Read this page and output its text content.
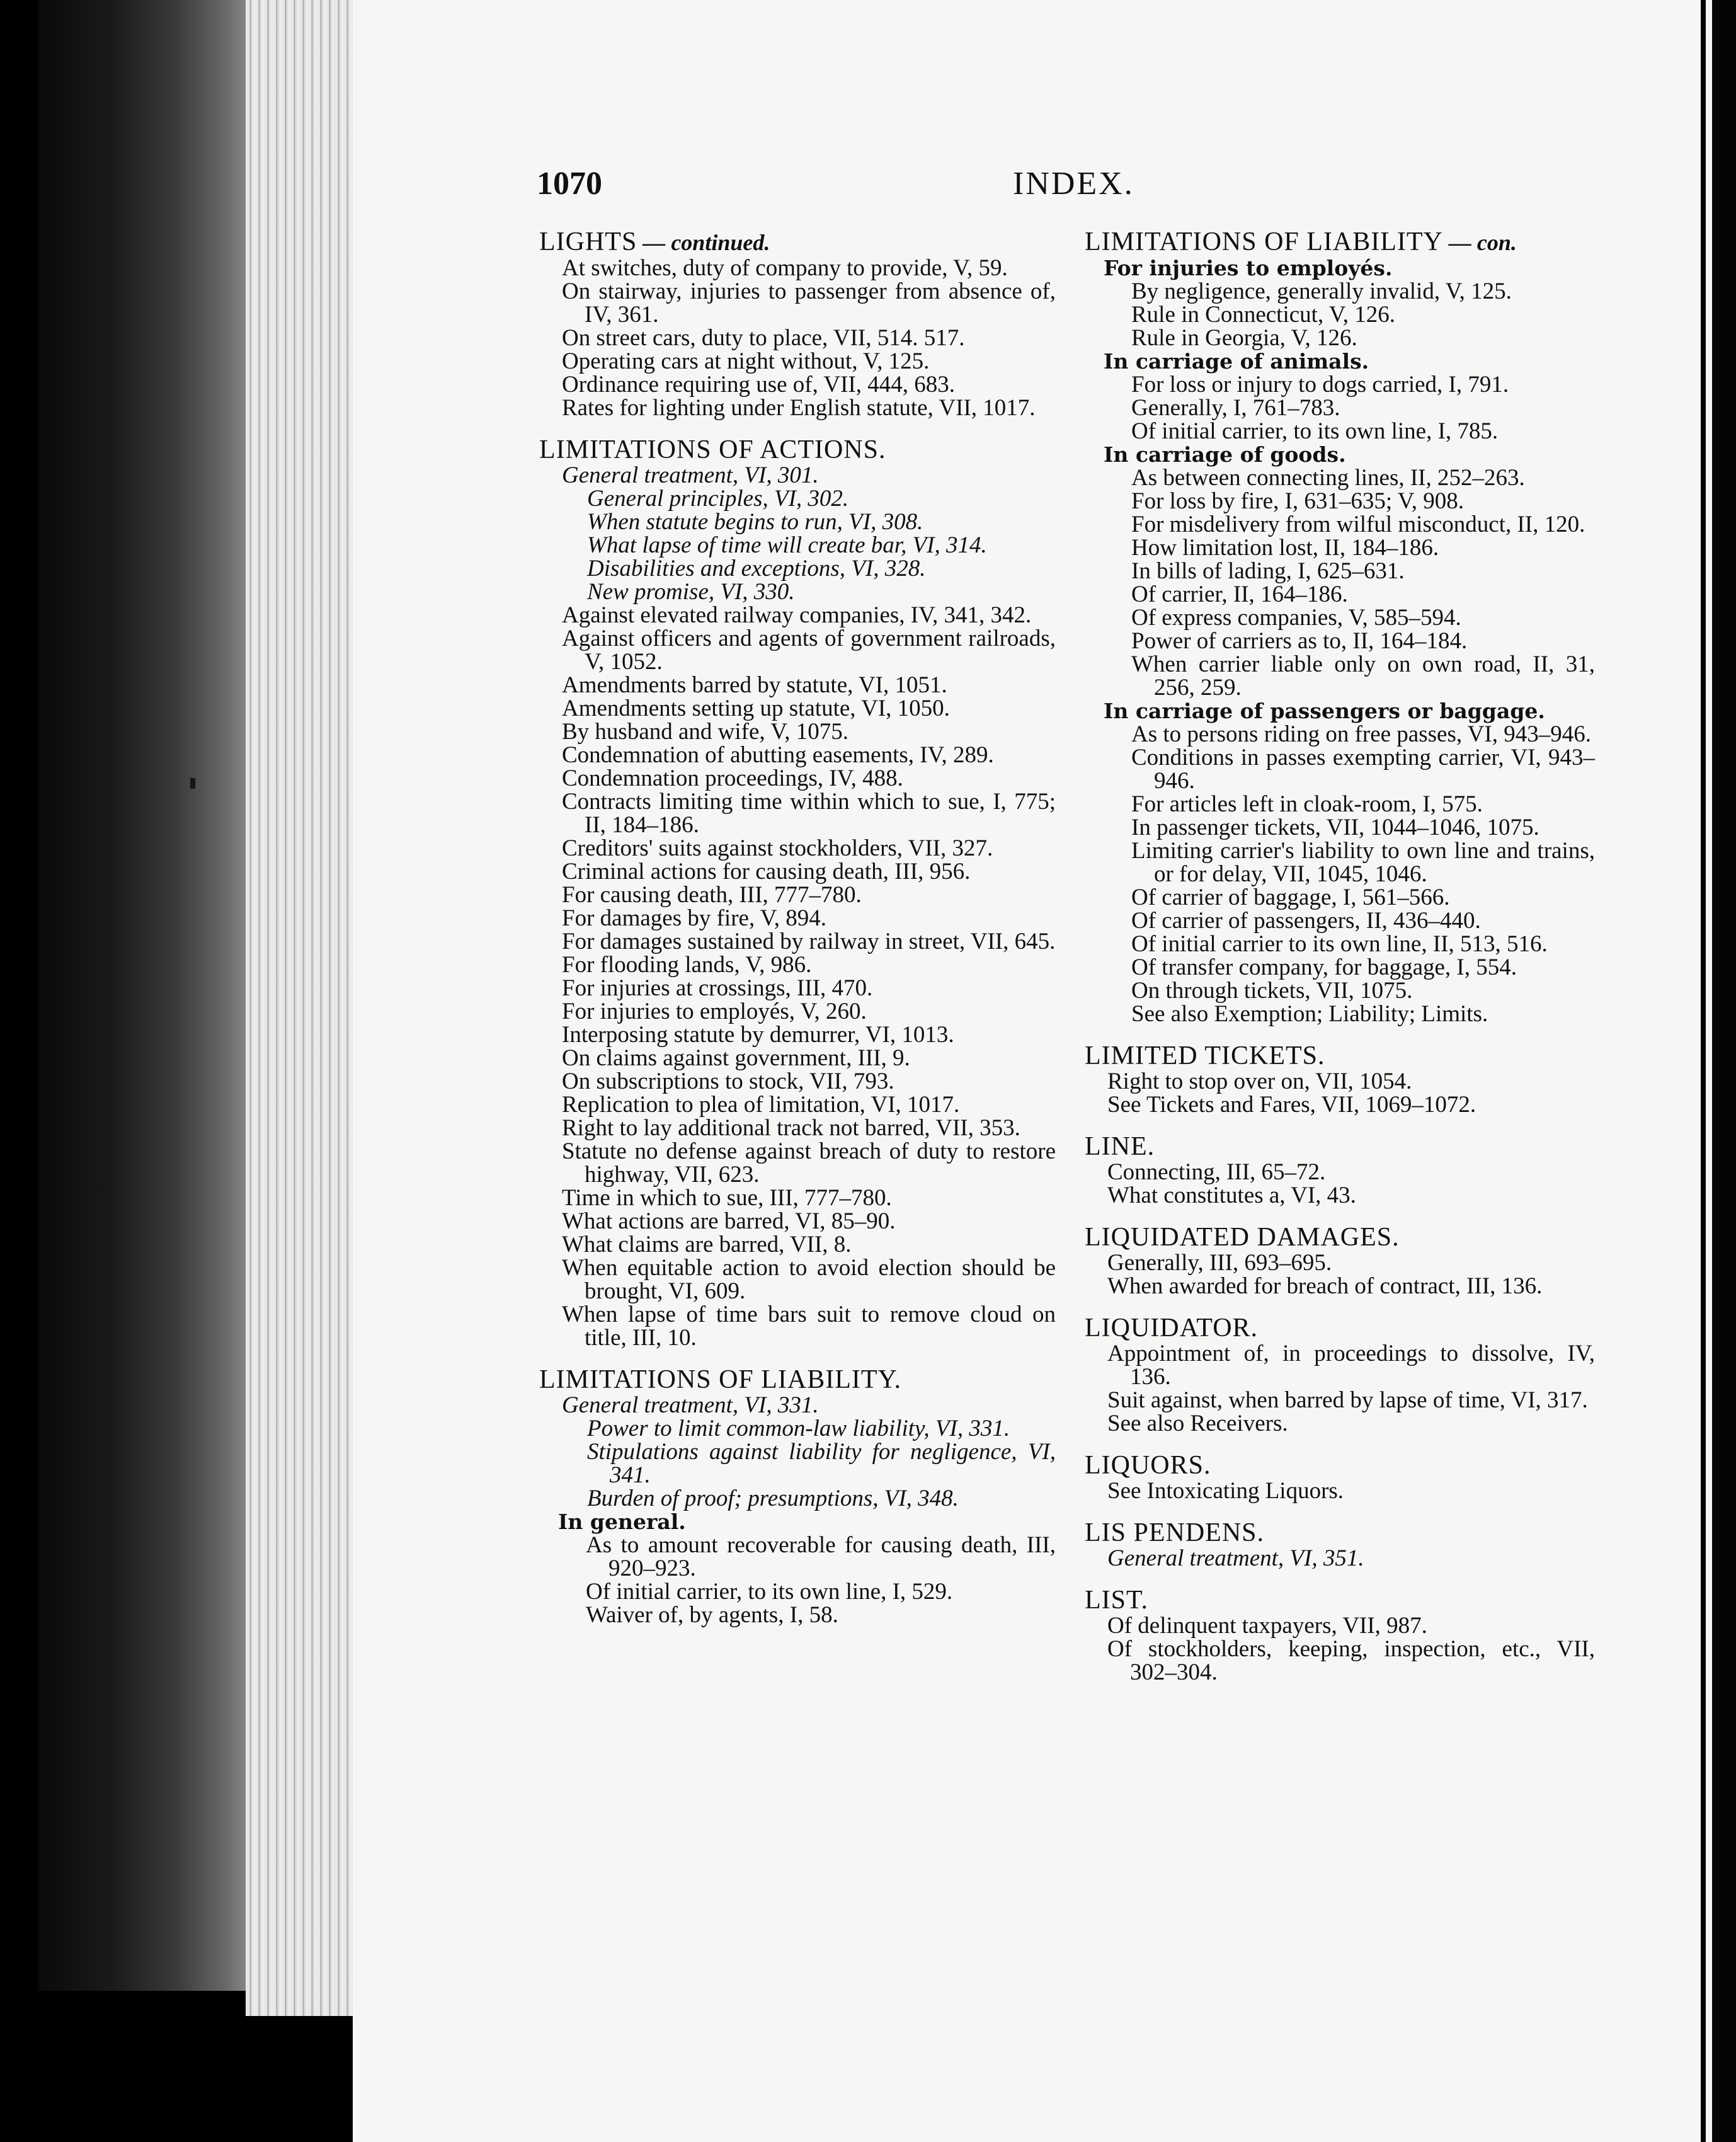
▮
◦
1070	INDEX.
LIGHTS — continued.
At switches, duty of company to provide, V, 59.
On stairway, injuries to passenger from absence of, IV, 361.
On street cars, duty to place, VII, 514. 517.
Operating cars at night without, V, 125.
Ordinance requiring use of, VII, 444, 683.
Rates for lighting under English statute, VII, 1017.
LIMITATIONS OF ACTIONS.
General treatment, VI, 301.
General principles, VI, 302.
When statute begins to run, VI, 308.
What lapse of time will create bar, VI, 314.
Disabilities and exceptions, VI, 328.
New promise, VI, 330.
Against elevated railway companies, IV, 341, 342.
Against officers and agents of government railroads, V, 1052.
Amendments barred by statute, VI, 1051.
Amendments setting up statute, VI, 1050.
By husband and wife, V, 1075.
Condemnation of abutting easements, IV, 289.
Condemnation proceedings, IV, 488.
Contracts limiting time within which to sue, I, 775; II, 184–186.
Creditors' suits against stockholders, VII, 327.
Criminal actions for causing death, III, 956.
For causing death, III, 777–780.
For damages by fire, V, 894.
For damages sustained by railway in street, VII, 645.
For flooding lands, V, 986.
For injuries at crossings, III, 470.
For injuries to employés, V, 260.
Interposing statute by demurrer, VI, 1013.
On claims against government, III, 9.
On subscriptions to stock, VII, 793.
Replication to plea of limitation, VI, 1017.
Right to lay additional track not barred, VII, 353.
Statute no defense against breach of duty to restore highway, VII, 623.
Time in which to sue, III, 777–780.
What actions are barred, VI, 85–90.
What claims are barred, VII, 8.
When equitable action to avoid election should be brought, VI, 609.
When lapse of time bars suit to remove cloud on title, III, 10.
LIMITATIONS OF LIABILITY.
General treatment, VI, 331.
Power to limit common-law liability, VI, 331.
Stipulations against liability for negligence, VI, 341.
Burden of proof; presumptions, VI, 348.
In general.
As to amount recoverable for causing death, III, 920–923.
Of initial carrier, to its own line, I, 529.
Waiver of, by agents, I, 58.
LIMITATIONS OF LIABILITY — con.
For injuries to employés.
By negligence, generally invalid, V, 125.
Rule in Connecticut, V, 126.
Rule in Georgia, V, 126.
In carriage of animals.
For loss or injury to dogs carried, I, 791.
Generally, I, 761–783.
Of initial carrier, to its own line, I, 785.
In carriage of goods.
As between connecting lines, II, 252–263.
For loss by fire, I, 631–635; V, 908.
For misdelivery from wilful misconduct, II, 120.
How limitation lost, II, 184–186.
In bills of lading, I, 625–631.
Of carrier, II, 164–186.
Of express companies, V, 585–594.
Power of carriers as to, II, 164–184.
When carrier liable only on own road, II, 31, 256, 259.
In carriage of passengers or baggage.
As to persons riding on free passes, VI, 943–946.
Conditions in passes exempting carrier, VI, 943–946.
For articles left in cloak-room, I, 575.
In passenger tickets, VII, 1044–1046, 1075.
Limiting carrier's liability to own line and trains, or for delay, VII, 1045, 1046.
Of carrier of baggage, I, 561–566.
Of carrier of passengers, II, 436–440.
Of initial carrier to its own line, II, 513, 516.
Of transfer company, for baggage, I, 554.
On through tickets, VII, 1075.
See also Exemption; Liability; Limits.
LIMITED TICKETS.
Right to stop over on, VII, 1054.
See Tickets and Fares, VII, 1069–1072.
LINE.
Connecting, III, 65–72.
What constitutes a, VI, 43.
LIQUIDATED DAMAGES.
Generally, III, 693–695.
When awarded for breach of contract, III, 136.
LIQUIDATOR.
Appointment of, in proceedings to dissolve, IV, 136.
Suit against, when barred by lapse of time, VI, 317.
See also Receivers.
LIQUORS.
See Intoxicating Liquors.
LIS PENDENS.
General treatment, VI, 351.
LIST.
Of delinquent taxpayers, VII, 987.
Of stockholders, keeping, inspection, etc., VII, 302–304.
